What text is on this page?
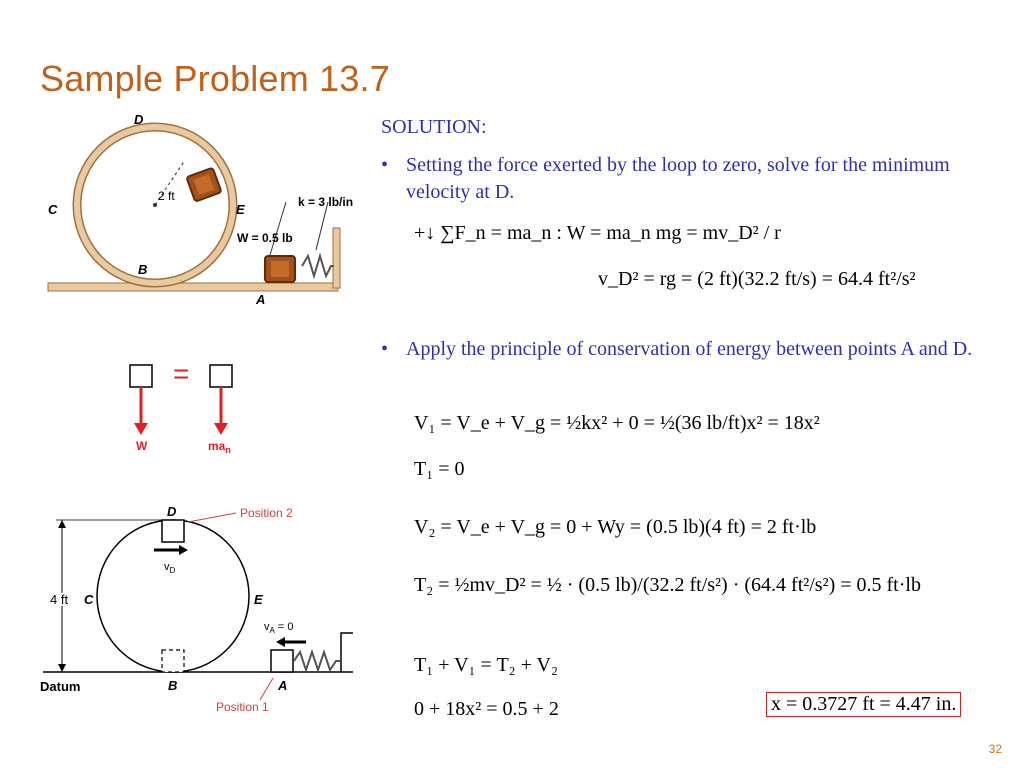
Sample Problem 13.7
2 ft
D
C	E
B
A
k = 3 lb/in
W = 0.5 lb
=
W	$ma_n$
$v_D$
$v_A = 0$
4 ft
D
C	E
B	A
Datum
Position 2
Position 1
SOLUTION:
• Setting the force exerted by the loop to zero, solve for the minimum velocity at D.
+↓ ∑F_n = ma_n : W = ma_n mg = mv_D² / r
v_D² = rg = (2 ft)(32.2 ft/s) = 64.4 ft²/s²
• Apply the principle of conservation of energy between points A and D.
V₁ = V_e + V_g = ½kx² + 0 = ½(36 lb/ft)x² = 18x²
T₁ = 0
V₂ = V_e + V_g = 0 + Wy = (0.5 lb)(4 ft) = 2 ft·lb
T₂ = ½mv_D² = ½ · (0.5 lb)/(32.2 ft/s²) · (64.4 ft²/s²) = 0.5 ft·lb
T₁ + V₁ = T₂ + V₂
0 + 18x² = 0.5 + 2	x = 0.3727 ft = 4.47 in.
32
